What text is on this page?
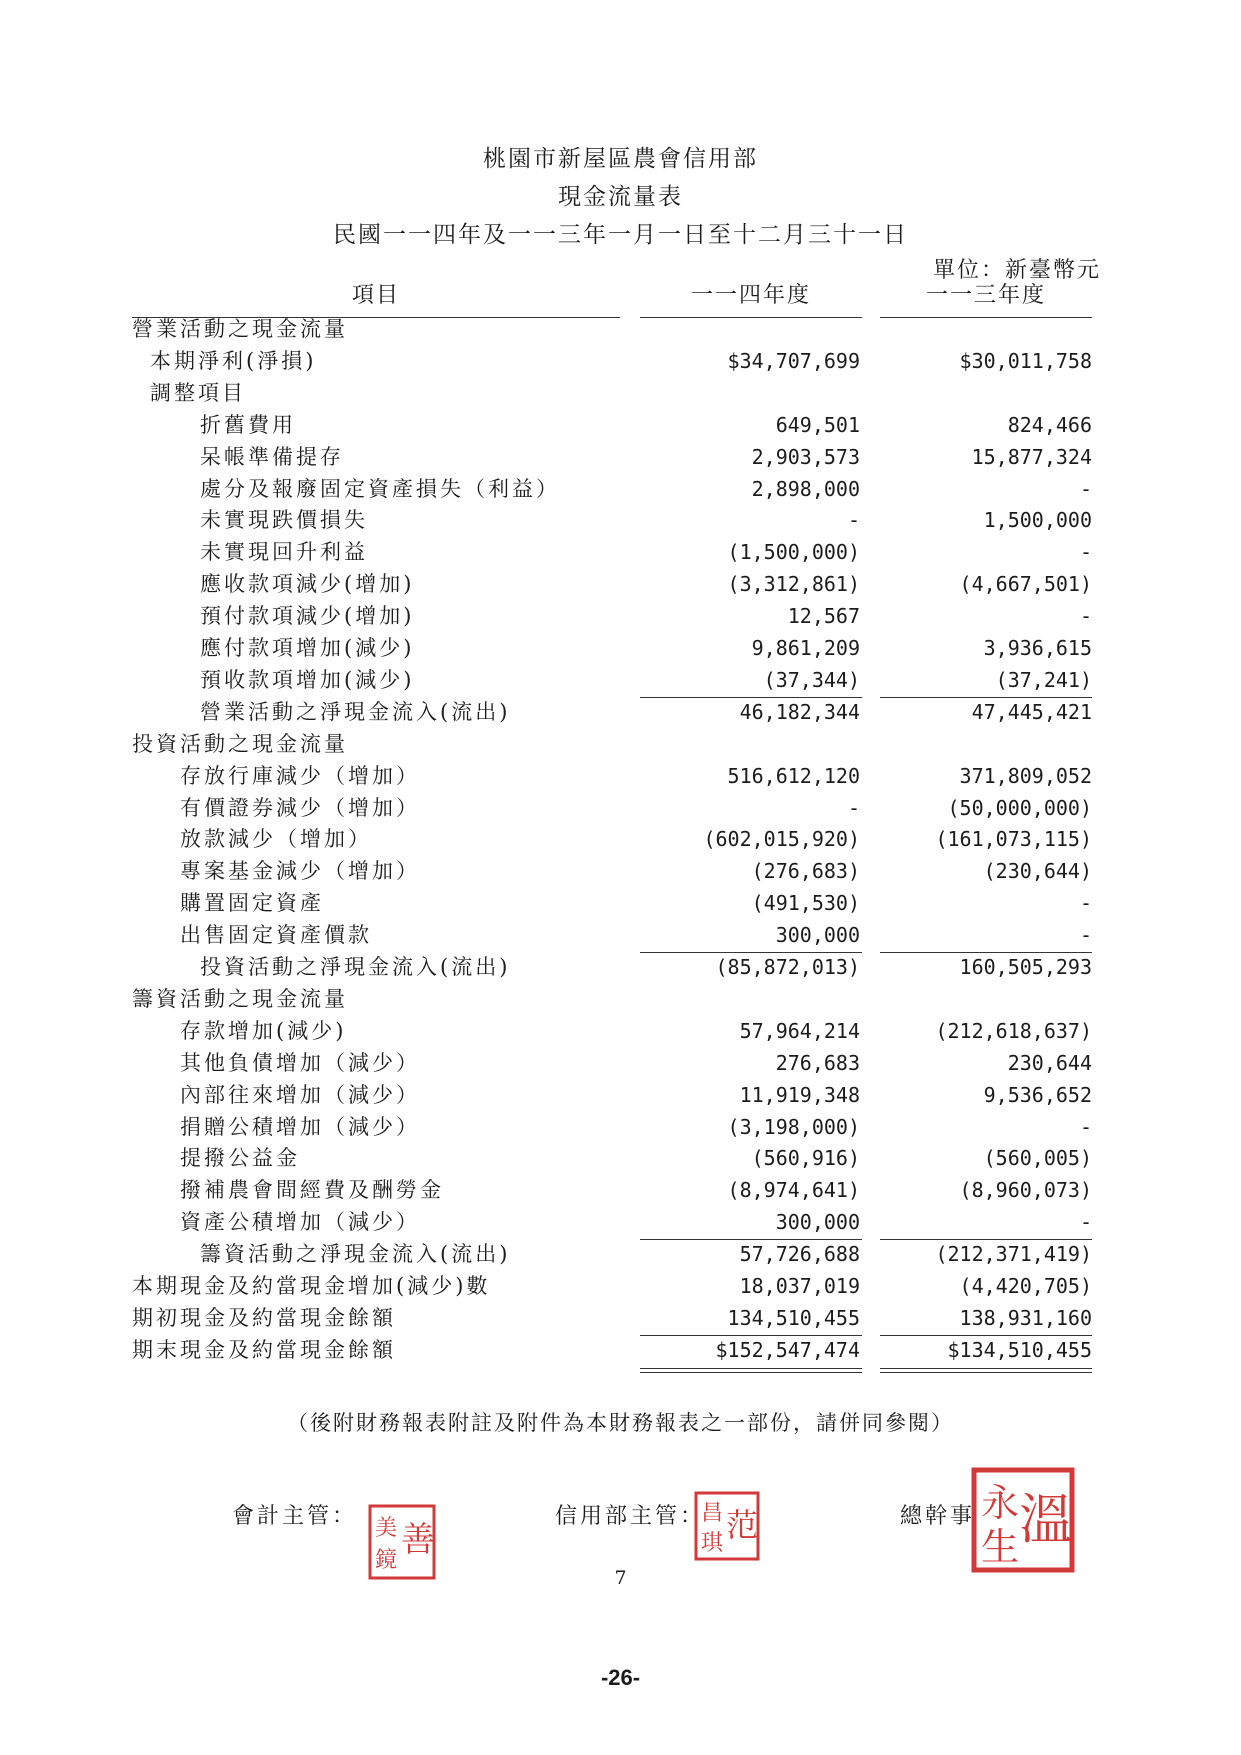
桃園市新屋區農會信用部
現金流量表
民國一一四年及一一三年一月一日至十二月三十一日
單位：新臺幣元
項目	一一四年度	一一三年度
營業活動之現金流量
本期淨利(淨損)	$34,707,699	$30,011,758
調整項目
折舊費用	649,501	824,466
呆帳準備提存	2,903,573	15,877,324
處分及報廢固定資產損失（利益）	2,898,000	-
未實現跌價損失	-	1,500,000
未實現回升利益	(1,500,000)	-
應收款項減少(增加)	(3,312,861)	(4,667,501)
預付款項減少(增加)	12,567	-
應付款項增加(減少)	9,861,209	3,936,615
預收款項增加(減少)	(37,344)	(37,241)
營業活動之淨現金流入(流出)	46,182,344	47,445,421
投資活動之現金流量
存放行庫減少（增加）	516,612,120	371,809,052
有價證券減少（增加）	-	(50,000,000)
放款減少（增加）	(602,015,920)	(161,073,115)
專案基金減少（增加）	(276,683)	(230,644)
購置固定資產	(491,530)	-
出售固定資產價款	300,000	-
投資活動之淨現金流入(流出)	(85,872,013)	160,505,293
籌資活動之現金流量
存款增加(減少)	57,964,214	(212,618,637)
其他負債增加（減少）	276,683	230,644
內部往來增加（減少）	11,919,348	9,536,652
捐贈公積增加（減少）	(3,198,000)	-
提撥公益金	(560,916)	(560,005)
撥補農會間經費及酬勞金	(8,974,641)	(8,960,073)
資產公積增加（減少）	300,000	-
籌資活動之淨現金流入(流出)	57,726,688	(212,371,419)
本期現金及約當現金增加(減少)數	18,037,019	(4,420,705)
期初現金及約當現金餘額	134,510,455	138,931,160
期末現金及約當現金餘額	$152,547,474	$134,510,455
（後附財務報表附註及附件為本財務報表之一部份，請併同參閱）
會計主管：	信用部主管：	總幹事
美
鏡
善
昌
琪 范	永
生 溫
7
-26-
